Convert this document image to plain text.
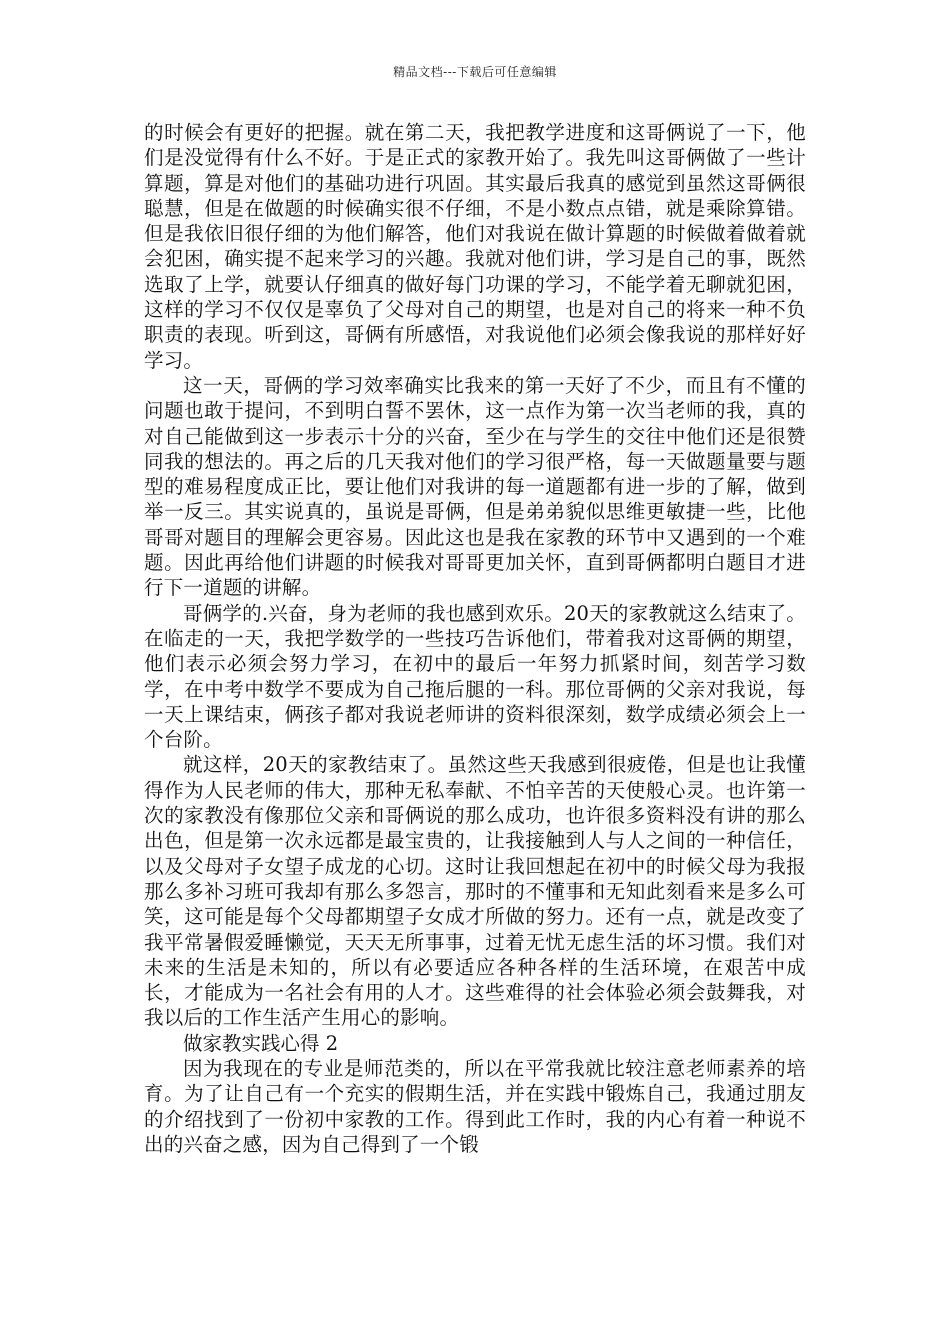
精品文档---下载后可任意编辑

的时候会有更好的把握。就在第二天，我把教学进度和这哥俩说了一下，他们是没觉得有什么不好。于是正式的家教开始了。我先叫这哥俩做了一些计算题，算是对他们的基础功进行巩固。其实最后我真的感觉到虽然这哥俩很聪慧，但是在做题的时候确实很不仔细，不是小数点点错，就是乘除算错。但是我依旧很仔细的为他们解答，他们对我说在做计算题的时候做着做着就会犯困，确实提不起来学习的兴趣。我就对他们讲，学习是自己的事，既然选取了上学，就要认仔细真的做好每门功课的学习，不能学着无聊就犯困，这样的学习不仅仅是辜负了父母对自己的期望，也是对自己的将来一种不负职责的表现。听到这，哥俩有所感悟，对我说他们必须会像我说的那样好好学习。

这一天，哥俩的学习效率确实比我来的第一天好了不少，而且有不懂的问题也敢于提问，不到明白誓不罢休，这一点作为第一次当老师的我，真的对自己能做到这一步表示十分的兴奋，至少在与学生的交往中他们还是很赞同我的想法的。再之后的几天我对他们的学习很严格，每一天做题量要与题型的难易程度成正比，要让他们对我讲的每一道题都有进一步的了解，做到举一反三。其实说真的，虽说是哥俩，但是弟弟貌似思维更敏捷一些，比他哥哥对题目的理解会更容易。因此这也是我在家教的环节中又遇到的一个难题。因此再给他们讲题的时候我对哥哥更加关怀，直到哥俩都明白题目才进行下一道题的讲解。

哥俩学的.兴奋，身为老师的我也感到欢乐。20天的家教就这么结束了。在临走的一天，我把学数学的一些技巧告诉他们，带着我对这哥俩的期望，他们表示必须会努力学习，在初中的最后一年努力抓紧时间，刻苦学习数学，在中考中数学不要成为自己拖后腿的一科。那位哥俩的父亲对我说，每一天上课结束，俩孩子都对我说老师讲的资料很深刻，数学成绩必须会上一个台阶。

就这样，20天的家教结束了。虽然这些天我感到很疲倦，但是也让我懂得作为人民老师的伟大，那种无私奉献、不怕辛苦的天使般心灵。也许第一次的家教没有像那位父亲和哥俩说的那么成功，也许很多资料没有讲的那么出色，但是第一次永远都是最宝贵的，让我接触到人与人之间的一种信任，以及父母对子女望子成龙的心切。这时让我回想起在初中的时候父母为我报那么多补习班可我却有那么多怨言，那时的不懂事和无知此刻看来是多么可笑，这可能是每个父母都期望子女成才所做的努力。还有一点，就是改变了我平常暑假爱睡懒觉，天天无所事事，过着无忧无虑生活的坏习惯。我们对未来的生活是未知的，所以有必要适应各种各样的生活环境，在艰苦中成长，才能成为一名社会有用的人才。这些难得的社会体验必须会鼓舞我，对我以后的工作生活产生用心的影响。

做家教实践心得 2

因为我现在的专业是师范类的，所以在平常我就比较注意老师素养的培育。为了让自己有一个充实的假期生活，并在实践中锻炼自己，我通过朋友的介绍找到了一份初中家教的工作。得到此工作时，我的内心有着一种说不出的兴奋之感，因为自己得到了一个锻
